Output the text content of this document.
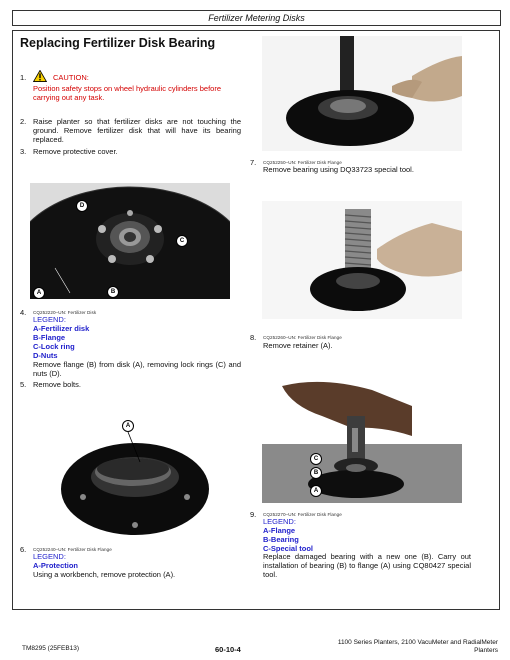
Fertilizer Metering Disks
Replacing Fertilizer Disk Bearing
1.	CAUTION:
Position safety stops on wheel hydraulic cylinders before carrying out any task.
2. Raise planter so that fertilizer disks are not touching the ground. Remove fertilizer disk that will have its bearing replaced.
3. Remove protective cover.
D
C
B
A
4. CQ252220–UN: Fertilizer Disk
LEGEND:
A-Fertilizer disk
B-Flange
C-Lock ring
D-Nuts
Remove flange (B) from disk (A), removing lock rings (C) and nuts (D).
5. Remove bolts.
A
6. CQ252240–UN: Fertilizer Disk Flange
LEGEND:
A-Protection
Using a workbench, remove protection (A).
7. CQ252250–UN: Fertilizer Disk Flange
Remove bearing using DQ33723 special tool.
8. CQ252260–UN: Fertilizer Disk Flange
Remove retainer (A).
C
B
A
9. CQ252270–UN: Fertilizer Disk Flange
LEGEND:
A-Flange
B-Bearing
C-Special tool
Replace damaged bearing with a new one (B). Carry out installation of bearing (B) to flange (A) using CQ80427 special tool.
TM8295 (25FEB13)	60-10-4
1100 Series Planters, 2100 VacuMeter and RadialMeter
Planters
